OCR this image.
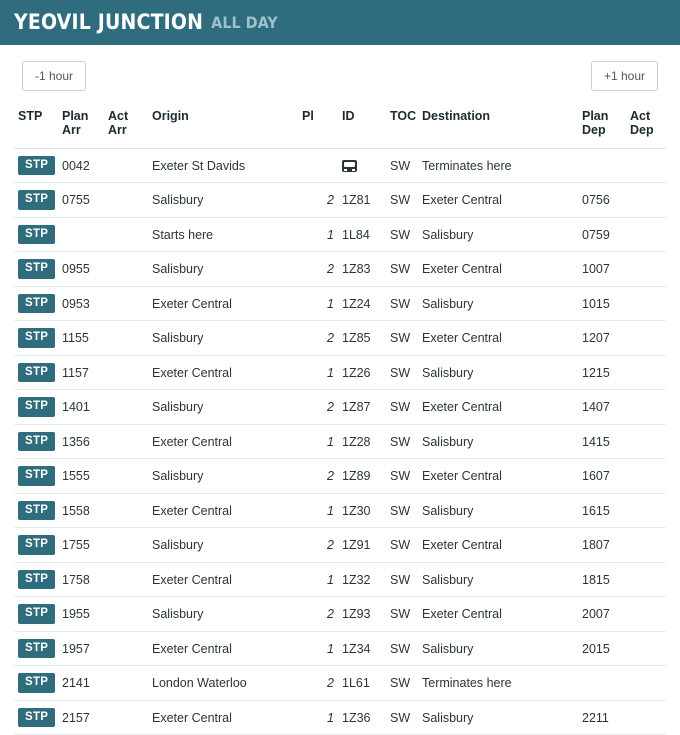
YEOVIL JUNCTION ALL DAY
-1 hour	+1 hour
STP	Plan Arr	Act Arr	Origin	Pl	ID	TOC	Destination	Plan Dep	Act Dep
STP	0042		Exeter St Davids			SW	Terminates here		
STP	0755		Salisbury	2	1Z81	SW	Exeter Central	0756	
STP			Starts here	1	1L84	SW	Salisbury	0759	
STP	0955		Salisbury	2	1Z83	SW	Exeter Central	1007	
STP	0953		Exeter Central	1	1Z24	SW	Salisbury	1015	
STP	1155		Salisbury	2	1Z85	SW	Exeter Central	1207	
STP	1157		Exeter Central	1	1Z26	SW	Salisbury	1215	
STP	1401		Salisbury	2	1Z87	SW	Exeter Central	1407	
STP	1356		Exeter Central	1	1Z28	SW	Salisbury	1415	
STP	1555		Salisbury	2	1Z89	SW	Exeter Central	1607	
STP	1558		Exeter Central	1	1Z30	SW	Salisbury	1615	
STP	1755		Salisbury	2	1Z91	SW	Exeter Central	1807	
STP	1758		Exeter Central	1	1Z32	SW	Salisbury	1815	
STP	1955		Salisbury	2	1Z93	SW	Exeter Central	2007	
STP	1957		Exeter Central	1	1Z34	SW	Salisbury	2015	
STP	2141		London Waterloo	2	1L61	SW	Terminates here		
STP	2157		Exeter Central	1	1Z36	SW	Salisbury	2211	
